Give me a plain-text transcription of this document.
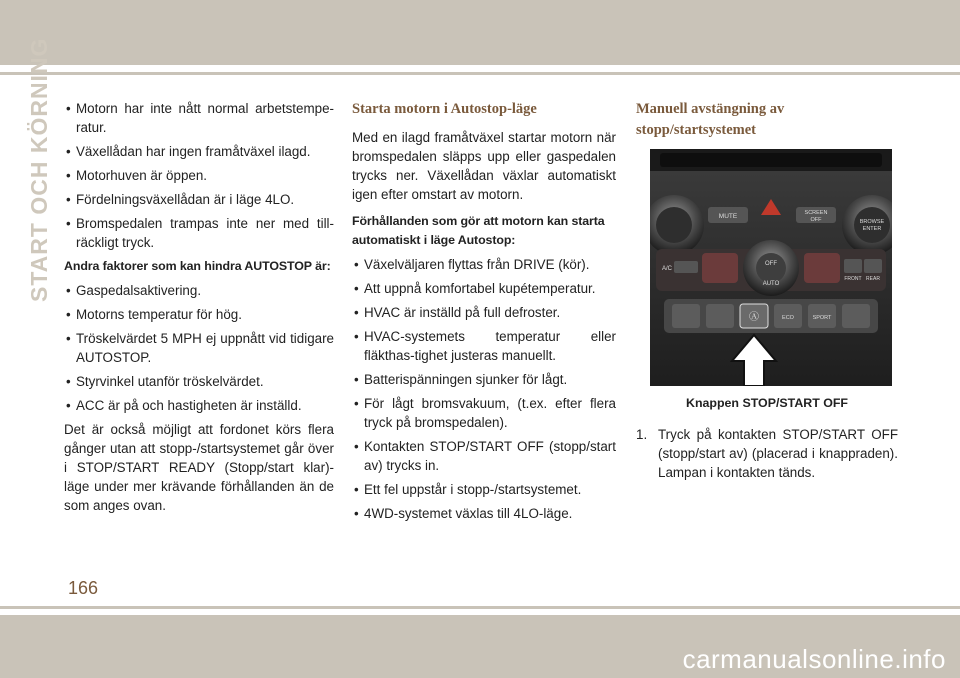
START OCH KÖRNING • Motorn har inte nått normal arbetstempe-ratur.

• Växellådan har ingen framåtväxel ilagd.

• Motorhuven är öppen.

• Fördelningsväxellådan är i läge 4LO.

• Bromspedalen trampas inte ner med till-räckligt tryck.

Andra faktorer som kan hindra AUTOSTOP är:

• Gaspedalsaktivering.

• Motorns temperatur för hög.

• Tröskelvärdet 5 MPH ej uppnått vid tidigare AUTOSTOP.

• Styrvinkel utanför tröskelvärdet.

• ACC är på och hastigheten är inställd.

Det är också möjligt att fordonet körs flera gånger utan att stopp-/startsystemet går över i STOP/START READY (Stopp/start klar)-läge under mer krävande förhållanden än de som anges ovan.

Starta motorn i Autostop-läge

Med en ilagd framåtväxel startar motorn när bromspedalen släpps upp eller gaspedalen trycks ner. Växellådan växlar automatiskt igen efter omstart av motorn.

Förhållanden som gör att motorn kan starta automatiskt i läge Autostop:

• Växelväljaren flyttas från DRIVE (kör).

• Att uppnå komfortabel kupétemperatur.

• HVAC är inställd på full defroster.

• HVAC-systemets temperatur eller fläkthas-tighet justeras manuellt.

• Batterispänningen sjunker för lågt.

• För lågt bromsvakuum, (t.ex. efter flera tryck på bromspedalen).

• Kontakten STOP/START OFF (stopp/start av) trycks in.

• Ett fel uppstår i stopp-/startsystemet.

• 4WD-systemet växlas till 4LO-läge.

Manuell avstängning av
stopp/startsystemet

MUTE	SCREEN
OFF	BROWSE
ENTER
OFF
AUTO
A/C
FRONT REAR
Ⓐ	ECO	SPORT

Knappen STOP/START OFF

1. Tryck på kontakten STOP/START OFF (stopp/start av) (placerad i knappraden). Lampan i kontakten tänds.

166
carmanualsonline.info
